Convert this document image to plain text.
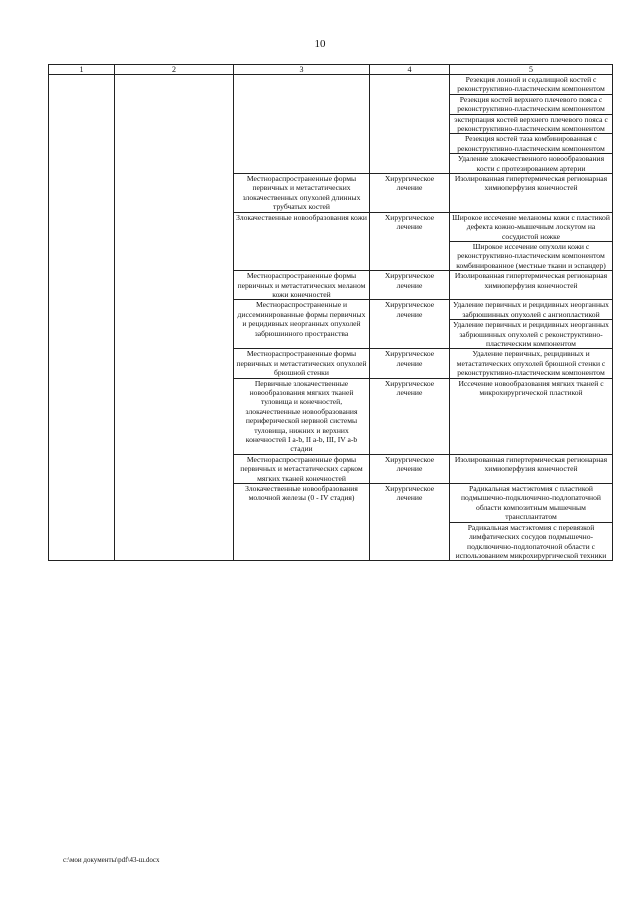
10
1	2	3	4	5
				Резекция лонной и седалищной костей с реконструктивно-пластическим компонентом
				Резекция костей верхнего плечевого пояса с реконструктивно-пластическим компонентом
				экстирпация костей верхнего плечевого пояса с реконструктивно-пластическим компонентом
				Резекция костей таза комбинированная с реконструктивно-пластическим компонентом
				Удаление злокачественного новообразования кости с протезированием артерии
		Местнораспространенные формы первичных и метастатических злокачественных опухолей длинных трубчатых костей	Хирургическое лечение	Изолированная гипертермическая регионарная химиоперфузия конечностей
		Злокачественные новообразования кожи	Хирургическое лечение	Широкое иссечение меланомы кожи с пластикой дефекта кожно-мышечным лоскутом на сосудистой ножке
				Широкое иссечение опухоли кожи с реконструктивно-пластическим компонентом комбинированное (местные ткани и эспандер)
		Местнораспространенные формы первичных и метастатических меланом кожи конечностей	Хирургическое лечение	Изолированная гипертермическая регионарная химиоперфузия конечностей
		Местнораспространенные и диссеминированные формы первичных и рецидивных неорганных опухолей забрюшинного пространства	Хирургическое лечение	Удаление первичных и рецидивных неорганных забрюшинных опухолей с ангиопластикой
				Удаление первичных и рецидивных неорганных забрюшинных опухолей с реконструктивно-пластическим компонентом
		Местнораспространенные формы первичных и метастатических опухолей брюшной стенки	Хирургическое лечение	Удаление первичных, рецидивных и метастатических опухолей брюшной стенки с реконструктивно-пластическим компонентом
		Первичные злокачественные новообразования мягких тканей туловища и конечностей, злокачественные новообразования периферической нервной системы туловища, нижних и верхних конечностей I a-b, II a-b, III, IV a-b стадии	Хирургическое лечение	Иссечение новообразования мягких тканей с микрохирургической пластикой
		Местнораспространенные формы первичных и метастатических сарком мягких тканей конечностей	Хирургическое лечение	Изолированная гипертермическая регионарная химиоперфузия конечностей
		Злокачественные новообразования молочной железы (0 - IV стадия)	Хирургическое лечение	Радикальная мастэктомия с пластикой подмышечно-подключично-подлопаточной области композитным мышечным трансплантатом
				Радикальная мастэктомия с перевязкой лимфатических сосудов подмышечно-подключично-подлопаточной области с использованием микрохирургической техники
c:\мои документы\pdf\43-ш.docx
